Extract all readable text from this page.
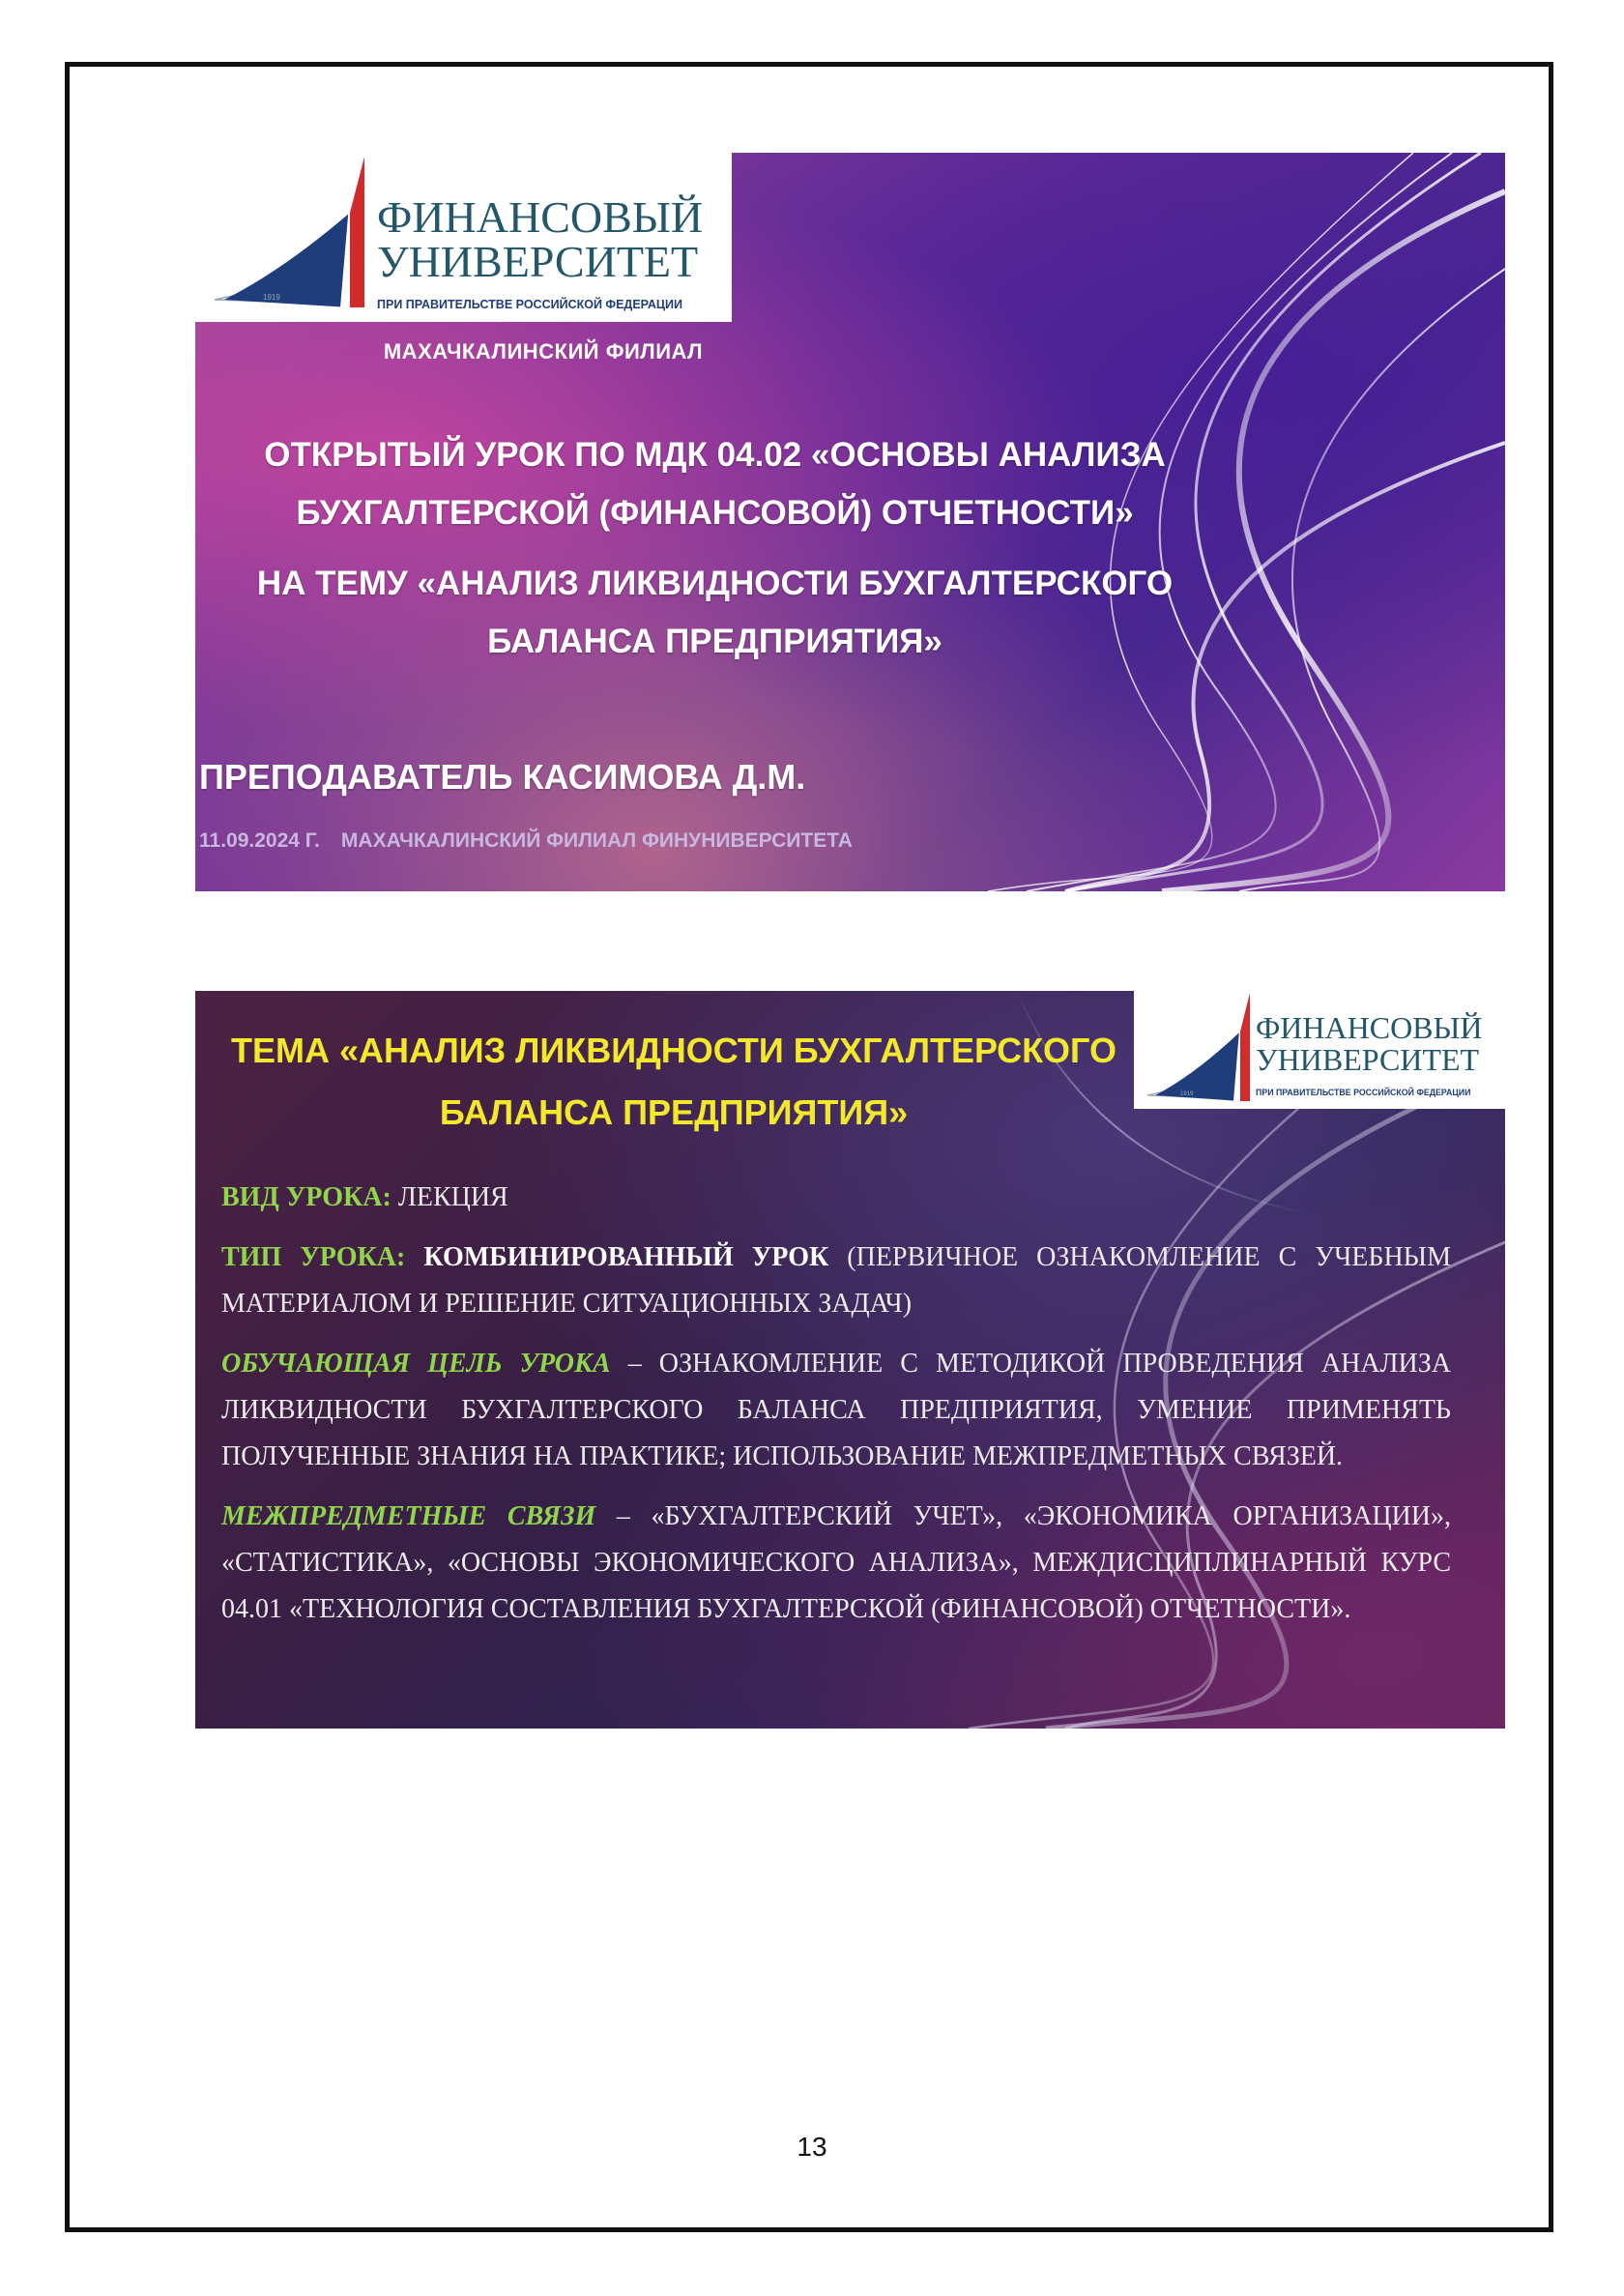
1919
ФИНАНСОВЫЙ
УНИВЕРСИТЕТ
ПРИ ПРАВИТЕЛЬСТВЕ РОССИЙСКОЙ ФЕДЕРАЦИИ
МАХАЧКАЛИНСКИЙ ФИЛИАЛ
ОТКРЫТЫЙ УРОК ПО МДК 04.02 «ОСНОВЫ АНАЛИЗА БУХГАЛТЕРСКОЙ (ФИНАНСОВОЙ) ОТЧЕТНОСТИ»
НА ТЕМУ «АНАЛИЗ ЛИКВИДНОСТИ БУХГАЛТЕРСКОГО БАЛАНСА ПРЕДПРИЯТИЯ»
ПРЕПОДАВАТЕЛЬ КАСИМОВА Д.М.
11.09.2024 Г. МАХАЧКАЛИНСКИЙ ФИЛИАЛ ФИНУНИВЕРСИТЕТА
1919
ФИНАНСОВЫЙ
УНИВЕРСИТЕТ
ПРИ ПРАВИТЕЛЬСТВЕ РОССИЙСКОЙ ФЕДЕРАЦИИ
ТЕМА «АНАЛИЗ ЛИКВИДНОСТИ БУХГАЛТЕРСКОГО БАЛАНСА ПРЕДПРИЯТИЯ»

ВИД УРОКА: ЛЕКЦИЯ

ТИП УРОКА: КОМБИНИРОВАННЫЙ УРОК (ПЕРВИЧНОЕ ОЗНАКОМЛЕНИЕ С УЧЕБНЫМ МАТЕРИАЛОМ И РЕШЕНИЕ СИТУАЦИОННЫХ ЗАДАЧ)

ОБУЧАЮЩАЯ ЦЕЛЬ УРОКА – ОЗНАКОМЛЕНИЕ С МЕТОДИКОЙ ПРОВЕДЕНИЯ АНАЛИЗА ЛИКВИДНОСТИ БУХГАЛТЕРСКОГО БАЛАНСА ПРЕДПРИЯТИЯ, УМЕНИЕ ПРИМЕНЯТЬ ПОЛУЧЕННЫЕ ЗНАНИЯ НА ПРАКТИКЕ; ИСПОЛЬЗОВАНИЕ МЕЖПРЕДМЕТНЫХ СВЯЗЕЙ.

МЕЖПРЕДМЕТНЫЕ СВЯЗИ – «БУХГАЛТЕРСКИЙ УЧЕТ», «ЭКОНОМИКА ОРГАНИЗАЦИИ», «СТАТИСТИКА», «ОСНОВЫ ЭКОНОМИЧЕСКОГО АНАЛИЗА», МЕЖДИСЦИПЛИНАРНЫЙ КУРС 04.01 «ТЕХНОЛОГИЯ СОСТАВЛЕНИЯ БУХГАЛТЕРСКОЙ (ФИНАНСОВОЙ) ОТЧЕТНОСТИ».

13
